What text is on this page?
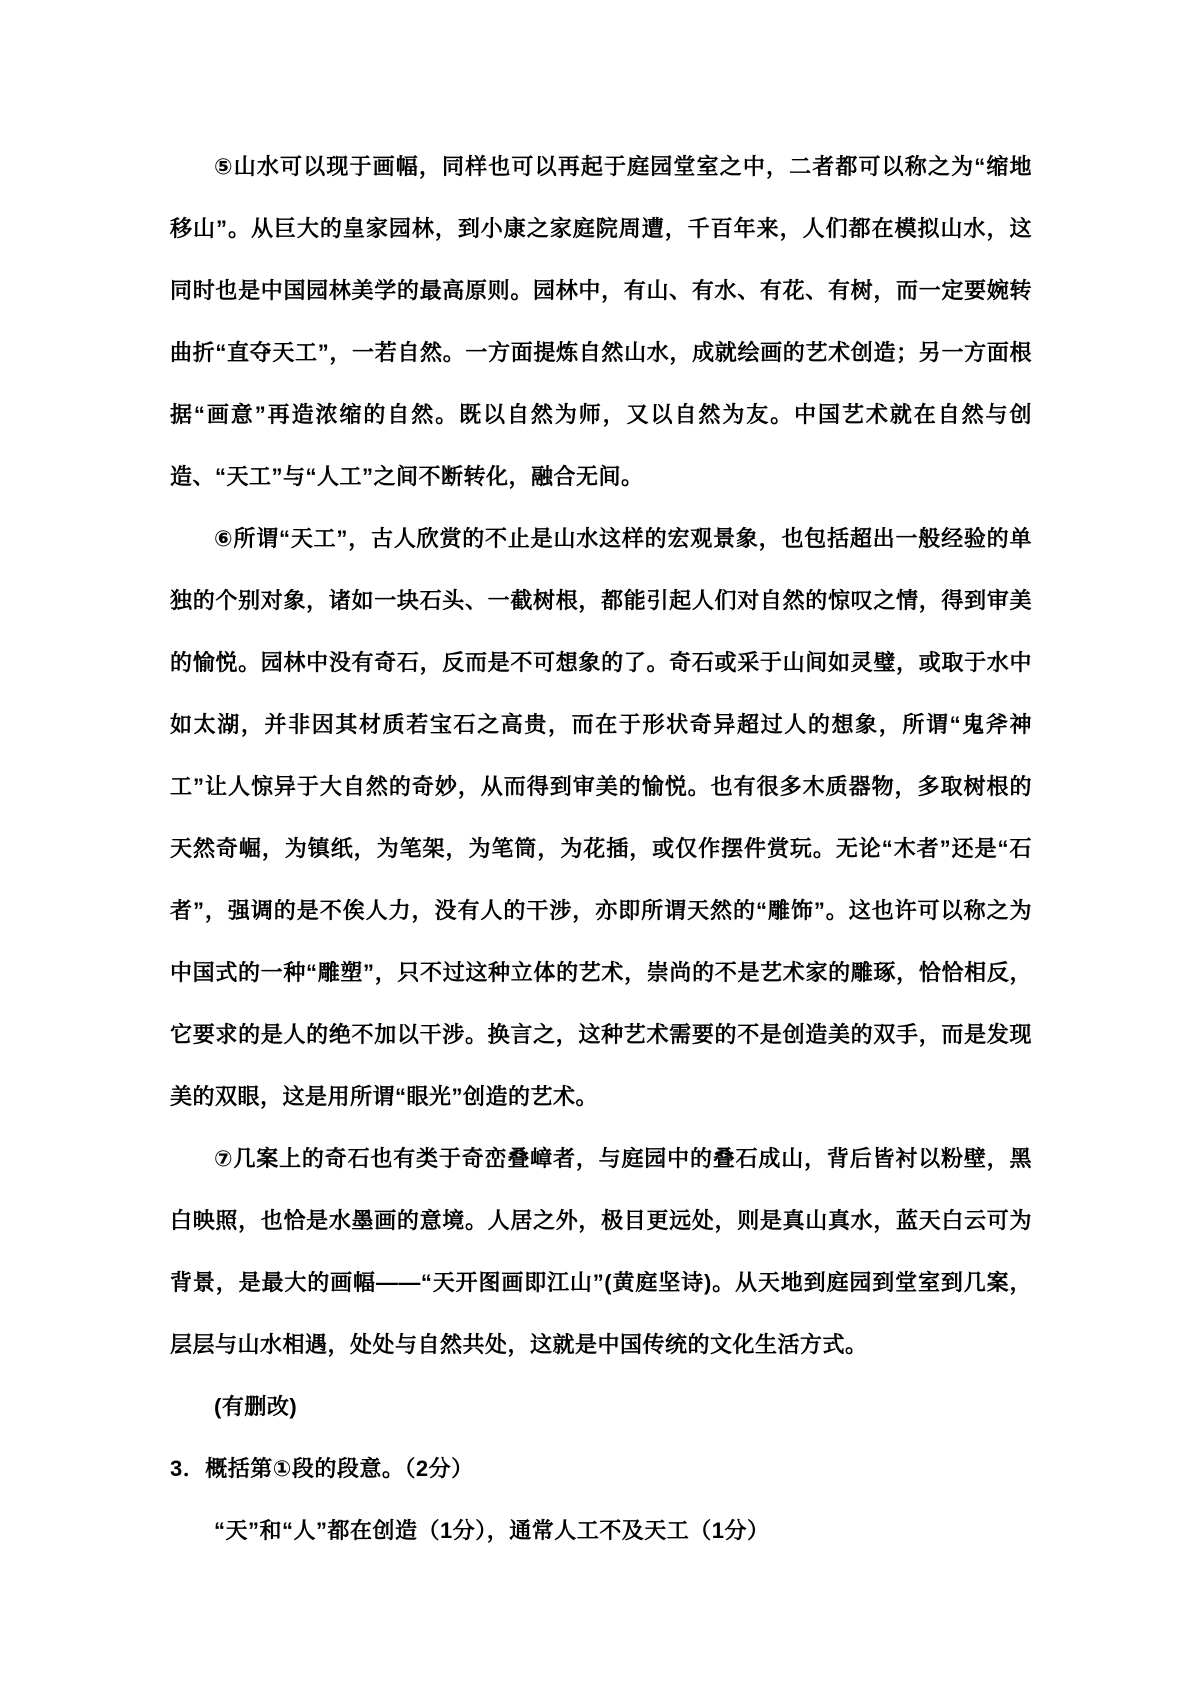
⑤山水可以现于画幅，同样也可以再起于庭园堂室之中，二者都可以称之为“缩地移山”。从巨大的皇家园林，到小康之家庭院周遭，千百年来，人们都在模拟山水，这同时也是中国园林美学的最高原则。园林中，有山、有水、有花、有树，而一定要婉转曲折“直夺天工”，一若自然。一方面提炼自然山水，成就绘画的艺术创造；另一方面根据“画意”再造浓缩的自然。既以自然为师，又以自然为友。中国艺术就在自然与创造、“天工”与“人工”之间不断转化，融合无间。

⑥所谓“天工”，古人欣赏的不止是山水这样的宏观景象，也包括超出一般经验的单独的个别对象，诸如一块石头、一截树根，都能引起人们对自然的惊叹之情，得到审美的愉悦。园林中没有奇石，反而是不可想象的了。奇石或采于山间如灵璧，或取于水中如太湖，并非因其材质若宝石之高贵，而在于形状奇异超过人的想象，所谓“鬼斧神工”让人惊异于大自然的奇妙，从而得到审美的愉悦。也有很多木质器物，多取树根的天然奇崛，为镇纸，为笔架，为笔筒，为花插，或仅作摆件赏玩。无论“木者”还是“石者”，强调的是不俟人力，没有人的干涉，亦即所谓天然的“雕饰”。这也许可以称之为中国式的一种“雕塑”，只不过这种立体的艺术，崇尚的不是艺术家的雕琢，恰恰相反，它要求的是人的绝不加以干涉。换言之，这种艺术需要的不是创造美的双手，而是发现美的双眼，这是用所谓“眼光”创造的艺术。

⑦几案上的奇石也有类于奇峦叠嶂者，与庭园中的叠石成山，背后皆衬以粉壁，黑白映照，也恰是水墨画的意境。人居之外，极目更远处，则是真山真水，蓝天白云可为背景，是最大的画幅——“天开图画即江山”(黄庭坚诗)。从天地到庭园到堂室到几案，层层与山水相遇，处处与自然共处，这就是中国传统的文化生活方式。

(有删改)

3．概括第①段的段意。（2分）

“天”和“人”都在创造（1分），通常人工不及天工（1分）
